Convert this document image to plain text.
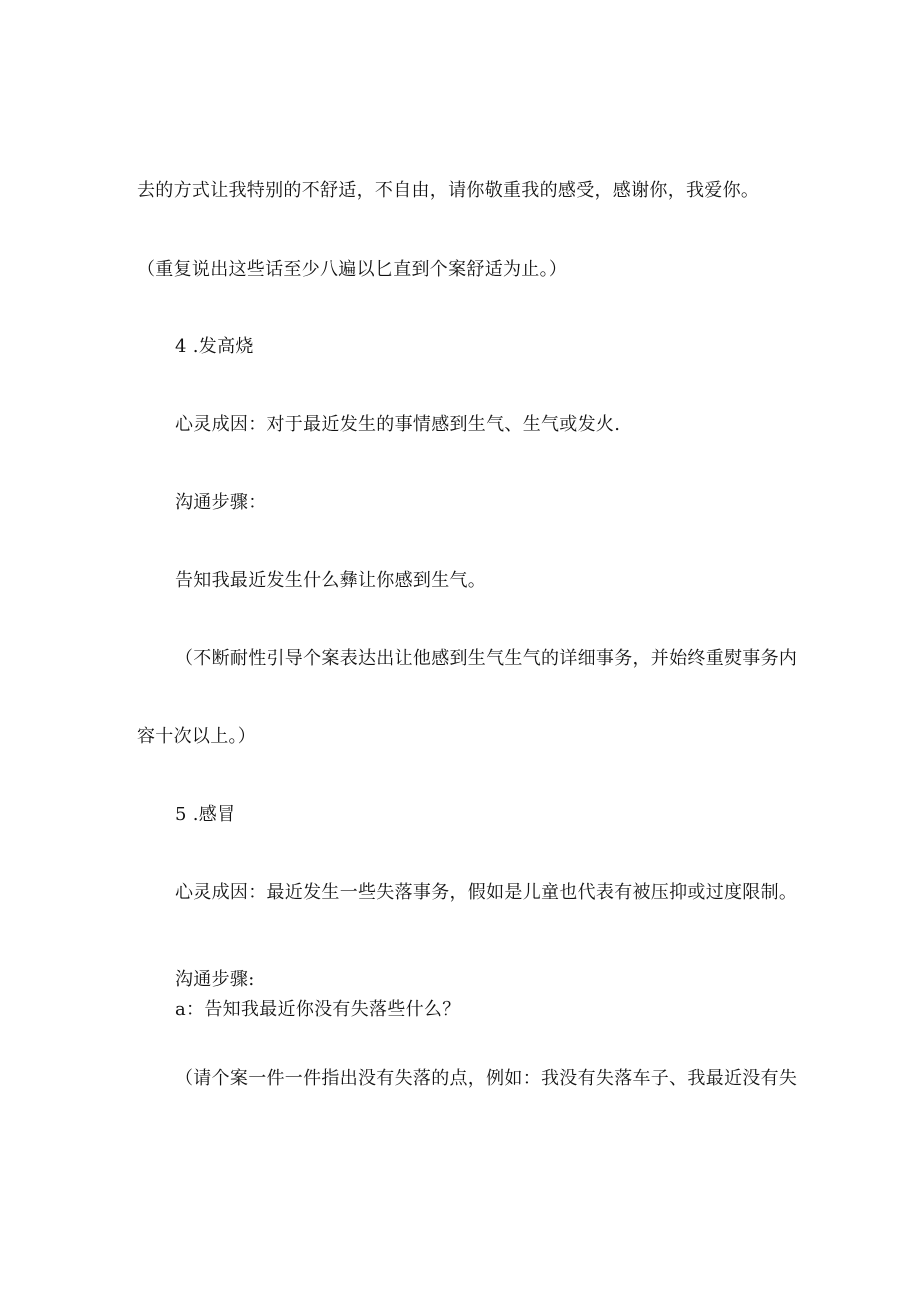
去的方式让我特别的不舒适，不自由，请你敬重我的感受，感谢你，我爱你。
（重复说出这些话至少八遍以匕直到个案舒适为止。）
4 .发高烧
心灵成因：对于最近发生的事情感到生气、生气或发火.
沟通步骤：
告知我最近发生什么彝让你感到生气。
（不断耐性引导个案表达出让他感到生气生气的详细事务，并始终重熨事务内
容十次以上。）
5 .感冒
心灵成因：最近发生一些失落事务，假如是儿童也代表有被压抑或过度限制。
沟通步骤:
a：告知我最近你没有失落些什么？
（请个案一件一件指出没有失落的点，例如：我没有失落车子、我最近没有失
